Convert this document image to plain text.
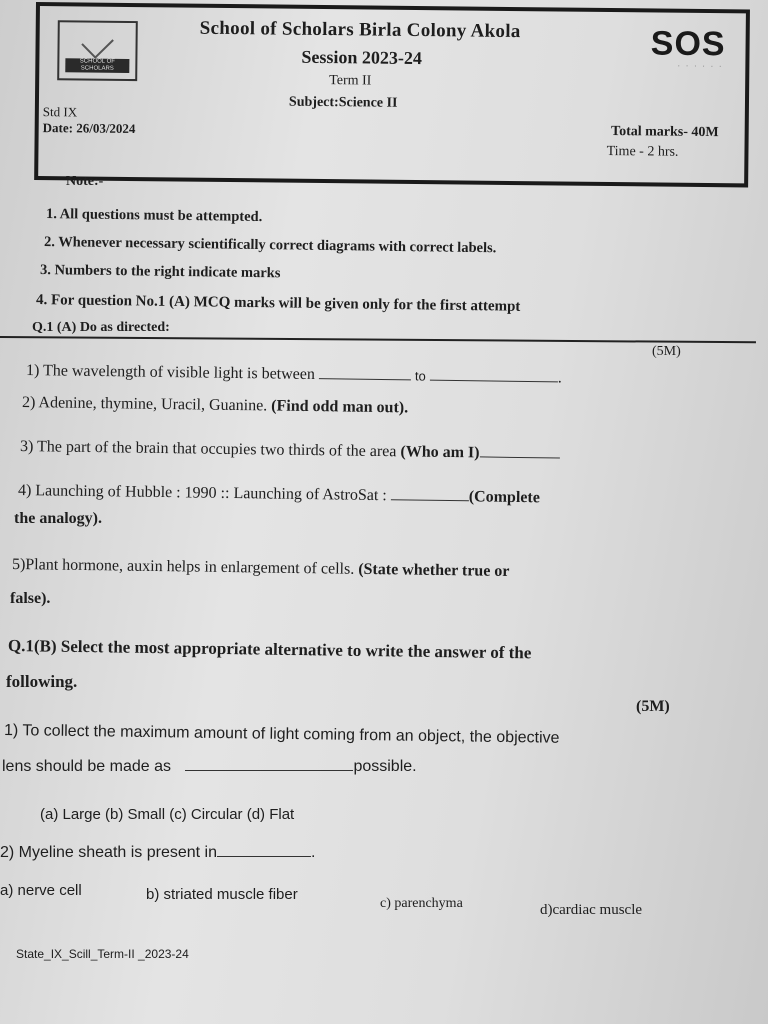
SCHOOL OF SCHOLARS
School of Scholars Birla Colony Akola
Session 2023-24
Term II
Subject:Science II
Std IX
Date: 26/03/2024
SOS
· · · · · ·
Total marks- 40M
Time - 2 hrs.
Note:-
1. All questions must be attempted.
2. Whenever necessary scientifically correct diagrams with correct labels.
3. Numbers to the right indicate marks
4. For question No.1 (A) MCQ marks will be given only for the first attempt
Q.1 (A) Do as directed:
(5M)
1) The wavelength of visible light is between	to	.
2) Adenine, thymine, Uracil, Guanine. (Find odd man out).
3) The part of the brain that occupies two thirds of the area (Who am I)
4) Launching of Hubble : 1990 :: Launching of AstroSat :	(Complete
the analogy).
5)Plant hormone, auxin helps in enlargement of cells. (State whether true or
false).
Q.1(B) Select the most appropriate alternative to write the answer of the
following.
(5M)
1) To collect the maximum amount of light coming from an object, the objective
lens should be made as	possible.
(a) Large (b) Small (c) Circular (d) Flat
2) Myeline sheath is present in	.
a) nerve cell	b) striated muscle fiber
c) parenchyma	d)cardiac muscle
State_IX_Scill_Term-II _2023-24
